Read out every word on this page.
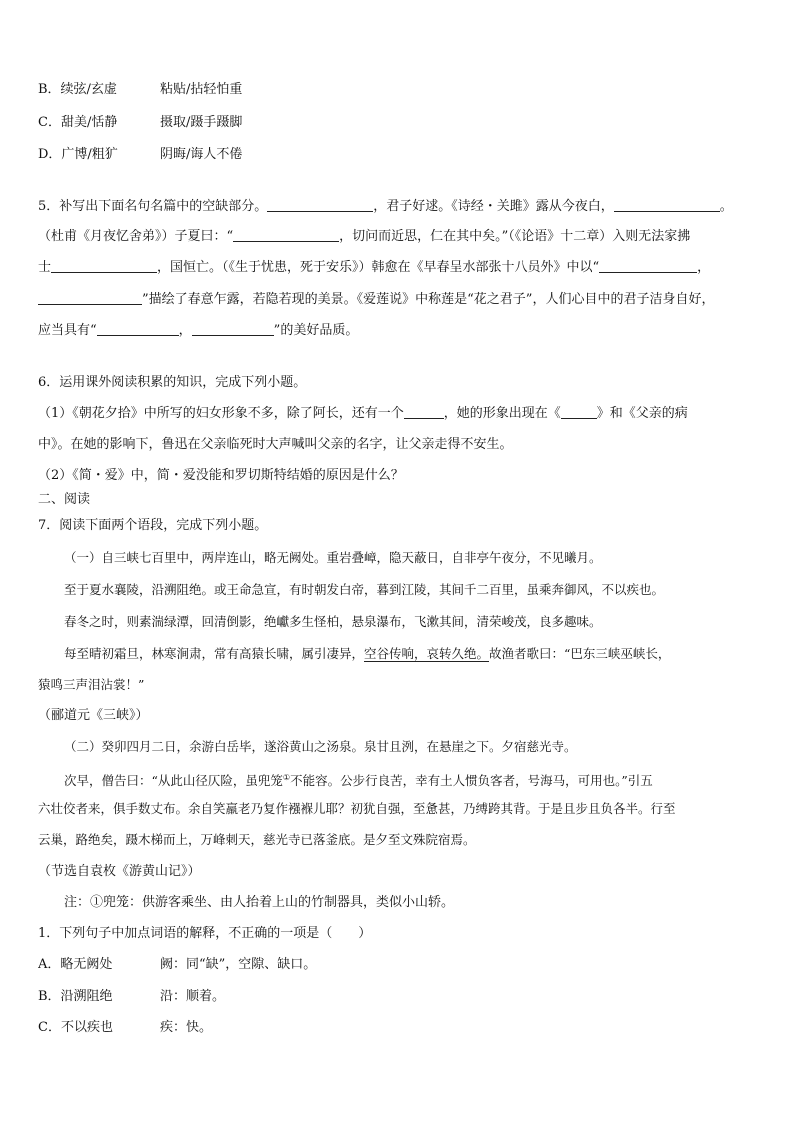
B．续弦/玄虚	粘贴/拈轻怕重
C．甜美/恬静	摄取/蹑手蹑脚
D．广博/粗犷	阴晦/诲人不倦
5．补写出下面名句名篇中的空缺部分。	，君子好逑。《诗经・关雎》露从今夜白，	。
（杜甫《月夜忆舍弟》）子夏曰：“	，切问而近思，仁在其中矣。”（《论语》十二章）入则无法家拂
士	，国恒亡。（《生于忧患，死于安乐》）韩愈在《早春呈水部张十八员外》中以“	，
”描绘了春意乍露，若隐若现的美景。《爱莲说》中称莲是“花之君子”，人们心目中的君子洁身自好，
应当具有“	，	”的美好品质。
6．运用课外阅读积累的知识，完成下列小题。
（1）《朝花夕拾》中所写的妇女形象不多，除了阿长，还有一个	，她的形象出现在《	》和《父亲的病
中》。在她的影响下，鲁迅在父亲临死时大声喊叫父亲的名字，让父亲走得不安生。
（2）《简・爱》中，简・爱没能和罗切斯特结婚的原因是什么？
二、阅读
7．阅读下面两个语段，完成下列小题。
（一）自三峡七百里中，两岸连山，略无阙处。重岩叠嶂，隐天蔽日，自非亭午夜分，不见曦月。
至于夏水襄陵，沿溯阻绝。或王命急宣，有时朝发白帝，暮到江陵，其间千二百里，虽乘奔御风，不以疾也。
春冬之时，则素湍绿潭，回清倒影，绝巘多生怪柏，悬泉瀑布，飞漱其间，清荣峻茂，良多趣味。
每至晴初霜旦，林寒涧肃，常有高猿长啸，属引凄异，空谷传响，哀转久绝。故渔者歌曰：“巴东三峡巫峡长，
猿鸣三声泪沾裳！”
（郦道元《三峡》）
（二）癸卯四月二日，余游白岳毕，遂浴黄山之汤泉。泉甘且洌，在悬崖之下。夕宿慈光寺。
次早，僧告曰：“从此山径仄险，虽兜笼①不能容。公步行良苦，幸有土人惯负客者，号海马，可用也。”引五
六壮佼者来，俱手数丈布。余自笑羸老乃复作襁褓儿耶？初犹自强，至惫甚，乃缚跨其背。于是且步且负各半。行至
云巢，路绝矣，蹑木梯而上，万峰刺天，慈光寺已落釜底。是夕至文殊院宿焉。
（节选自袁枚《游黄山记》）
注：①兜笼：供游客乘坐、由人抬着上山的竹制器具，类似小山轿。
1．下列句子中加点词语的解释，不正确的一项是（　　）
A．略无阙处	阙：同“缺”，空隙、缺口。
B．沿溯阻绝	沿：顺着。
C．不以疾也	疾：快。
